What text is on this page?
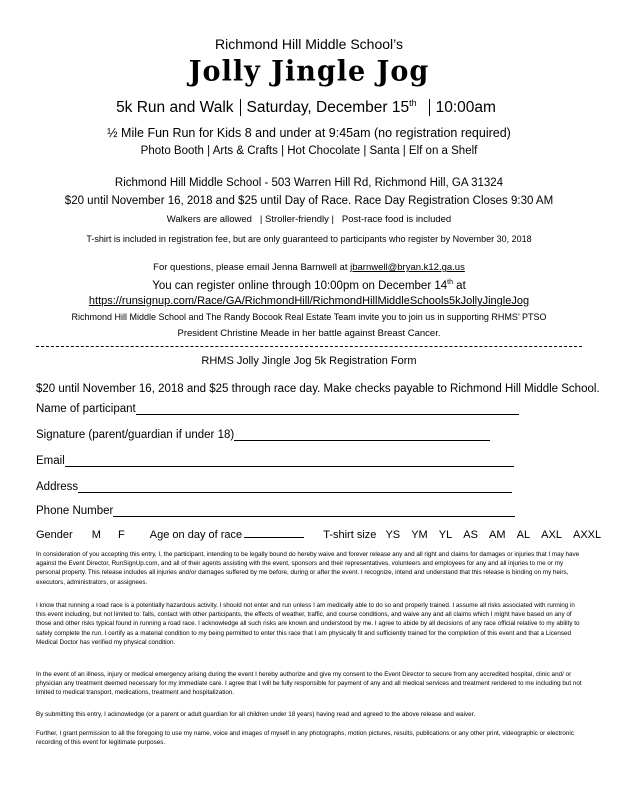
Richmond Hill Middle School’s
Jolly Jingle Jog
5k Run and Walk Saturday, December 15th 10:00am
½ Mile Fun Run for Kids 8 and under at 9:45am (no registration required)
Photo Booth | Arts & Crafts | Hot Chocolate | Santa | Elf on a Shelf
Richmond Hill Middle School - 503 Warren Hill Rd, Richmond Hill, GA 31324
$20 until November 16, 2018 and $25 until Day of Race. Race Day Registration Closes 9:30 AM
Walkers are allowed   | Stroller-friendly |   Post-race food is included
T-shirt is included in registration fee, but are only guaranteed to participants who register by November 30, 2018
For questions, please email Jenna Barnwell at jbarnwell@bryan.k12.ga.us
You can register online through 10:00pm on December 14th at
https://runsignup.com/Race/GA/RichmondHill/RichmondHillMiddleSchools5kJollyJingleJog
Richmond Hill Middle School and The Randy Bocook Real Estate Team invite you to join us in supporting RHMS’ PTSO
President Christine Meade in her battle against Breast Cancer.
RHMS Jolly Jingle Jog 5k Registration Form
$20 until November 16, 2018 and $25 through race day. Make checks payable to Richmond Hill Middle School.
Name of participant
Signature (parent/guardian if under 18)
Email
Address
Phone Number
Gender M F Age on day of race	T-shirt size YS YM YL AS AM AL AXL AXXL
In consideration of you accepting this entry, I, the participant, intending to be legally bound do hereby waive and forever release any and all right and claims for damages or injuries that I may have against the Event Director, RunSignUp.com, and all of their agents assisting with the event, sponsors and their representatives, volunteers and employees for any and all injuries to me or my personal property. This release includes all injuries and/or damages suffered by me before, during or after the event. I recognize, intend and understand that this release is binding on my heirs, executors, administrators, or assignees.
I know that running a road race is a potentially hazardous activity. I should not enter and run unless I am medically able to do so and properly trained. I assume all risks associated with running in this event including, but not limited to: falls, contact with other participants, the effects of weather, traffic, and course conditions, and waive any and all claims which I might have based on any of those and other risks typical found in running a road race. I acknowledge all such risks are known and understood by me. I agree to abide by all decisions of any race official relative to my ability to safely complete the run. I certify as a material condition to my being permitted to enter this race that I am physically fit and sufficiently trained for the completion of this event and that a Licensed Medical Doctor has verified my physical condition.
In the event of an illness, injury or medical emergency arising during the event I hereby authorize and give my consent to the Event Director to secure from any accredited hospital, clinic and/ or physician any treatment deemed necessary for my immediate care. I agree that I will be fully responsible for payment of any and all medical services and treatment rendered to me including but not limited to medical transport, medications, treatment and hospitalization.
By submitting this entry, I acknowledge (or a parent or adult guardian for all children under 18 years) having read and agreed to the above release and waiver.
Further, I grant permission to all the foregoing to use my name, voice and images of myself in any photographs, motion pictures, results, publications or any other print, videographic or electronic recording of this event for legitimate purposes.
